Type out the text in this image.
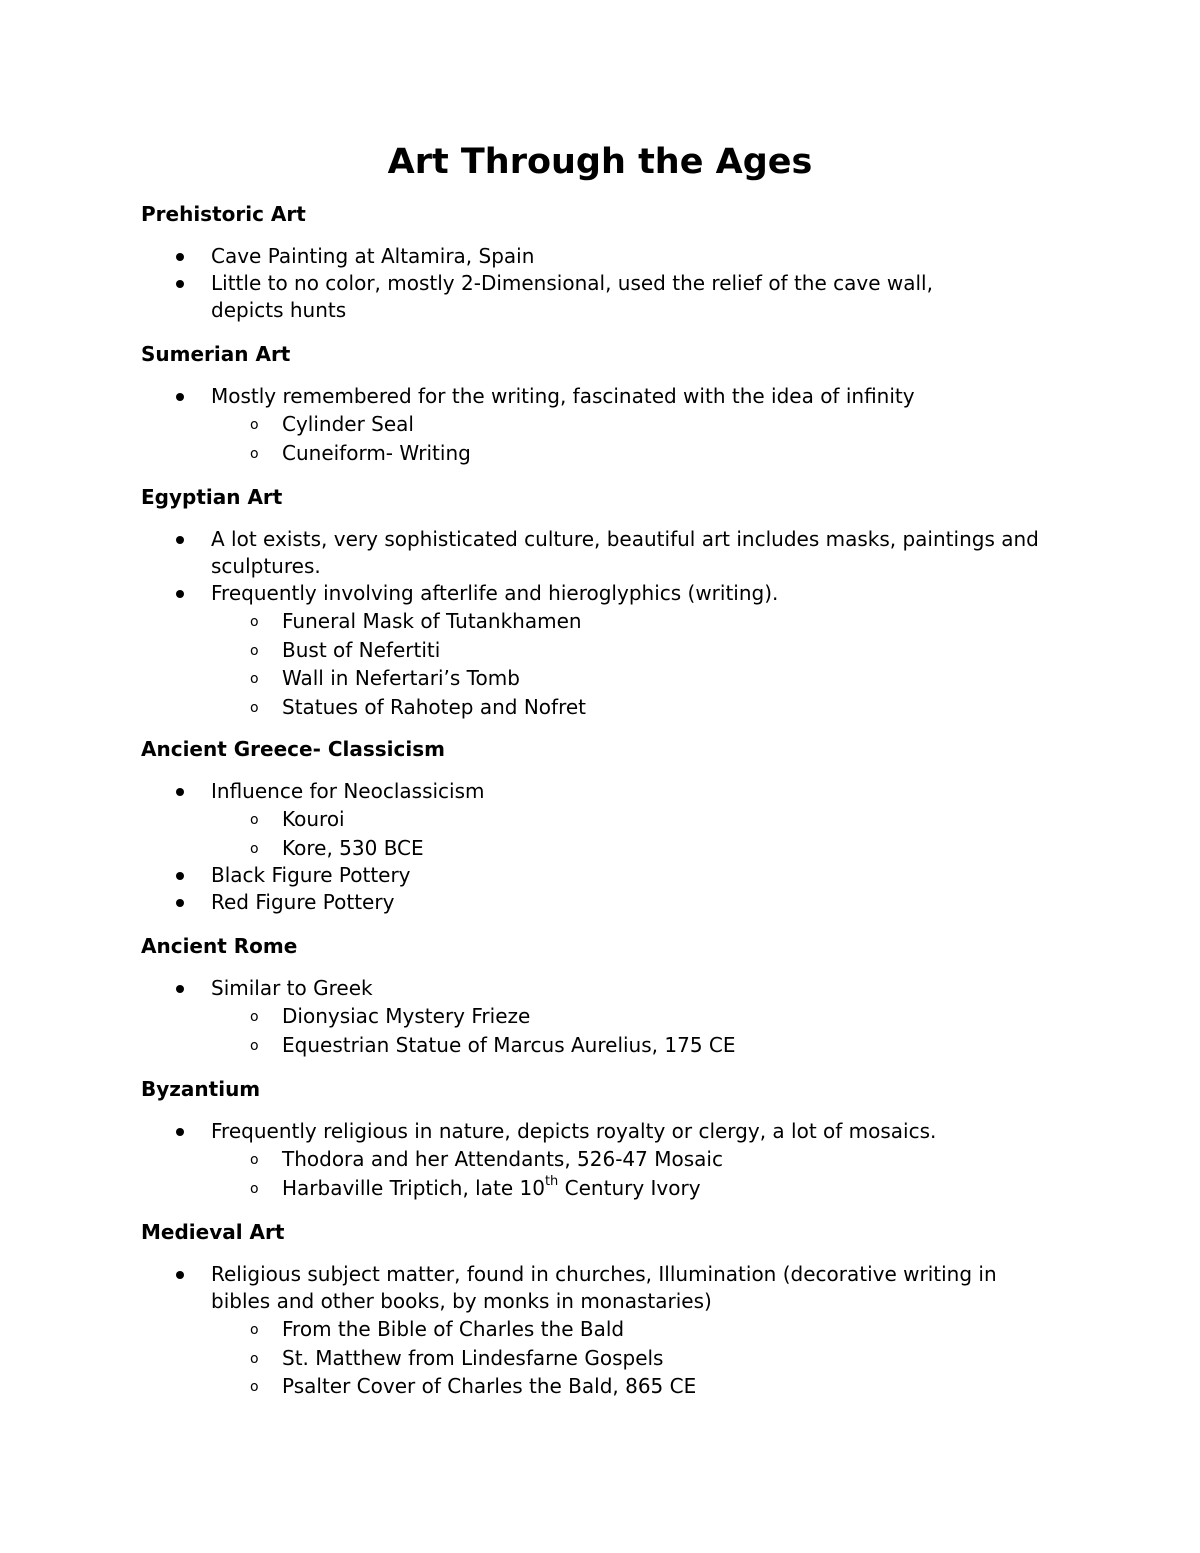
Art Through the Ages
Prehistoric Art
Cave Painting at Altamira, Spain
Little to no color, mostly 2-Dimensional, used the relief of the cave wall, depicts hunts
Sumerian Art
Mostly remembered for the writing, fascinated with the idea of infinity
o Cylinder Seal
o Cuneiform- Writing
Egyptian Art
A lot exists, very sophisticated culture, beautiful art includes masks, paintings and sculptures.
Frequently involving afterlife and hieroglyphics (writing).
o Funeral Mask of Tutankhamen
o Bust of Nefertiti
o Wall in Nefertari’s Tomb
o Statues of Rahotep and Nofret
Ancient Greece- Classicism
Influence for Neoclassicism
o Kouroi
o Kore, 530 BCE
Black Figure Pottery
Red Figure Pottery
Ancient Rome
Similar to Greek
o Dionysiac Mystery Frieze
o Equestrian Statue of Marcus Aurelius, 175 CE
Byzantium
Frequently religious in nature, depicts royalty or clergy, a lot of mosaics.
o Thodora and her Attendants, 526-47 Mosaic
o Harbaville Triptich, late 10th Century Ivory
Medieval Art
Religious subject matter, found in churches, Illumination (decorative writing in bibles and other books, by monks in monastaries)
o From the Bible of Charles the Bald
o St. Matthew from Lindesfarne Gospels
o Psalter Cover of Charles the Bald, 865 CE
